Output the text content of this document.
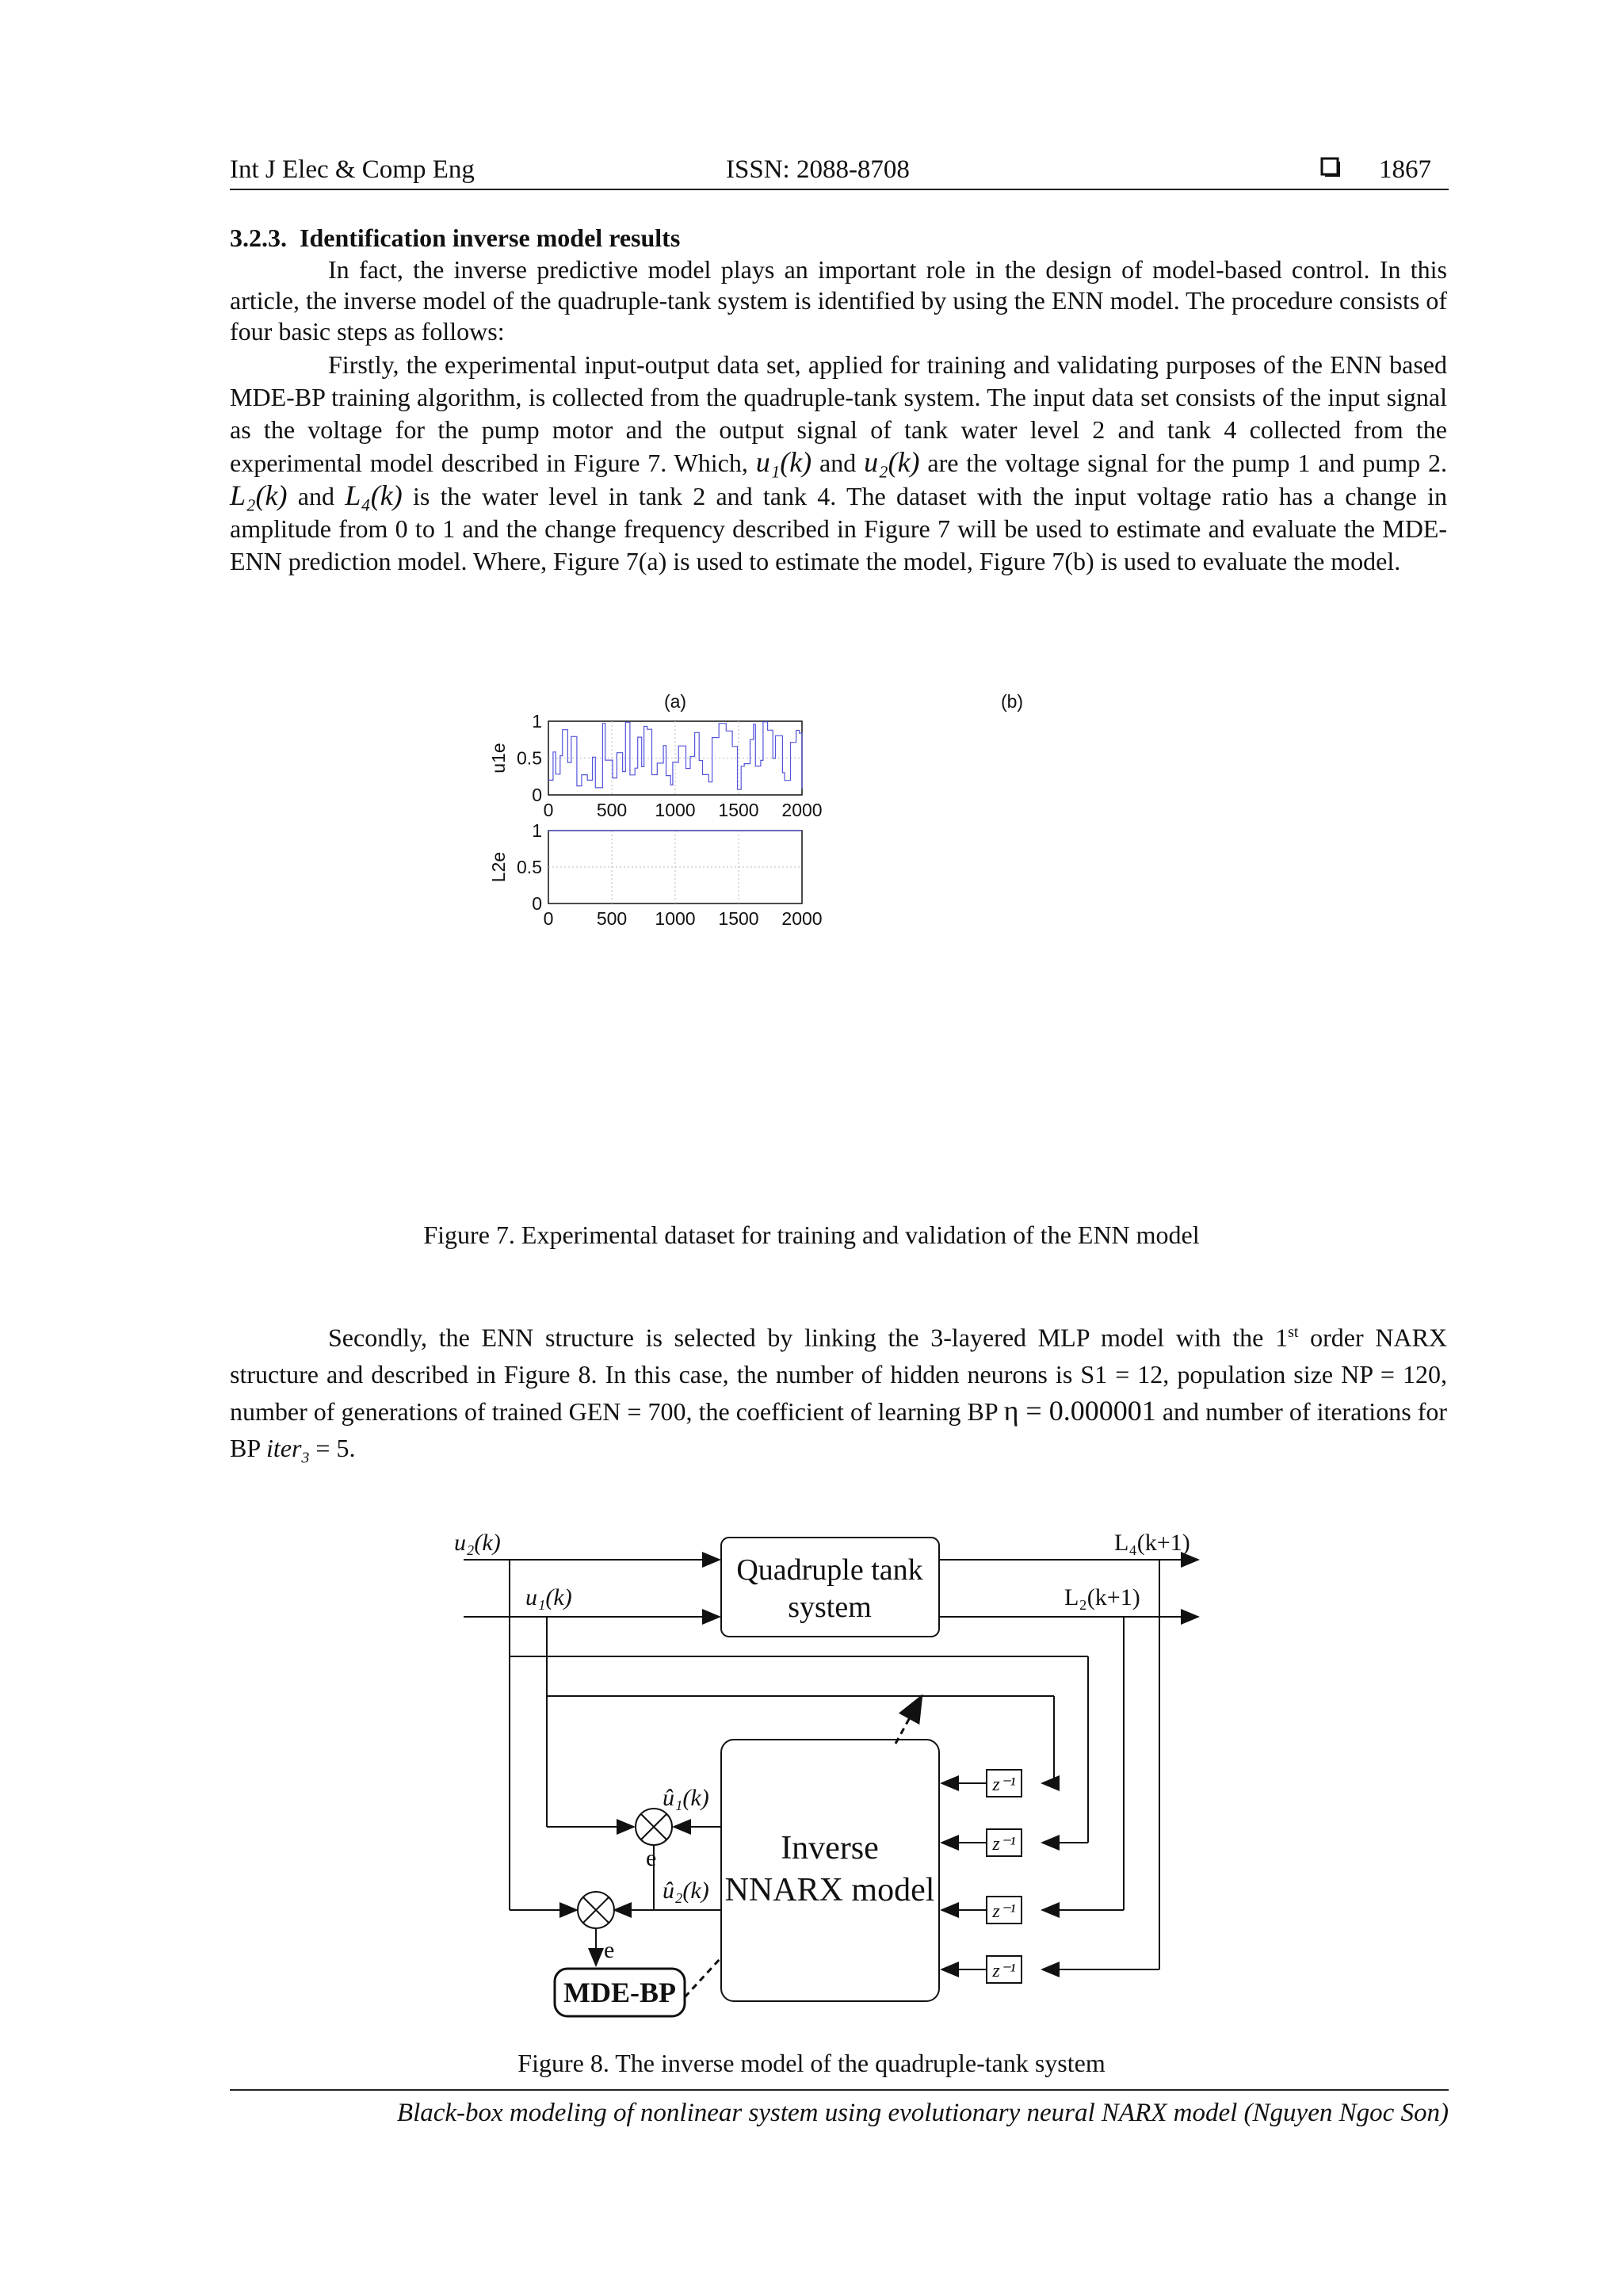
Int J Elec & Comp Eng	ISSN: 2088-8708	1867
3.2.3.  Identification inverse model results

In fact, the inverse predictive model plays an important role in the design of model-based control. In this article, the inverse model of the quadruple-tank system is identified by using the ENN model. The procedure consists of four basic steps as follows:

Firstly, the experimental input-output data set, applied for training and validating purposes of the ENN based MDE-BP training algorithm, is collected from the quadruple-tank system. The input data set consists of the input signal as the voltage for the pump motor and the output signal of tank water level 2 and tank 4 collected from the experimental model described in Figure 7. Which, u₁(k) and u₂(k) are the voltage signal for the pump 1 and pump 2. L₂(k) and L₄(k) is the water level in tank 2 and tank 4. The dataset with the input voltage ratio has a change in amplitude from 0 to 1 and the change frequency described in Figure 7 will be used to estimate and evaluate the MDE-ENN prediction model. Where, Figure 7(a) is used to estimate the model, Figure 7(b) is used to evaluate the model.

(a)	(b)
0
0.5
1
0 500 1000 1500 2000
u1e
0
0.5
1
0 500 1000 1500 2000
L2e
Figure 7. Experimental dataset for training and validation of the ENN model

Secondly, the ENN structure is selected by linking the 3-layered MLP model with the 1st order NARX structure and described in Figure 8. In this case, the number of hidden neurons is S1 = 12, population size NP = 120, number of generations of trained GEN = 700, the coefficient of learning BP η = 0.000001 and number of iterations for BP iter$_3$ = 5.

Quadruple tank
system
Inverse
NNARX model
MDE-BP
u₂(k)
u₁(k)
L₄(k+1)
L₂(k+1)
û₁(k)
û₂(k)
e
e
z⁻¹
z⁻¹
z⁻¹
z⁻¹
Figure 8. The inverse model of the quadruple-tank system
Black-box modeling of nonlinear system using evolutionary neural NARX model (Nguyen Ngoc Son)
